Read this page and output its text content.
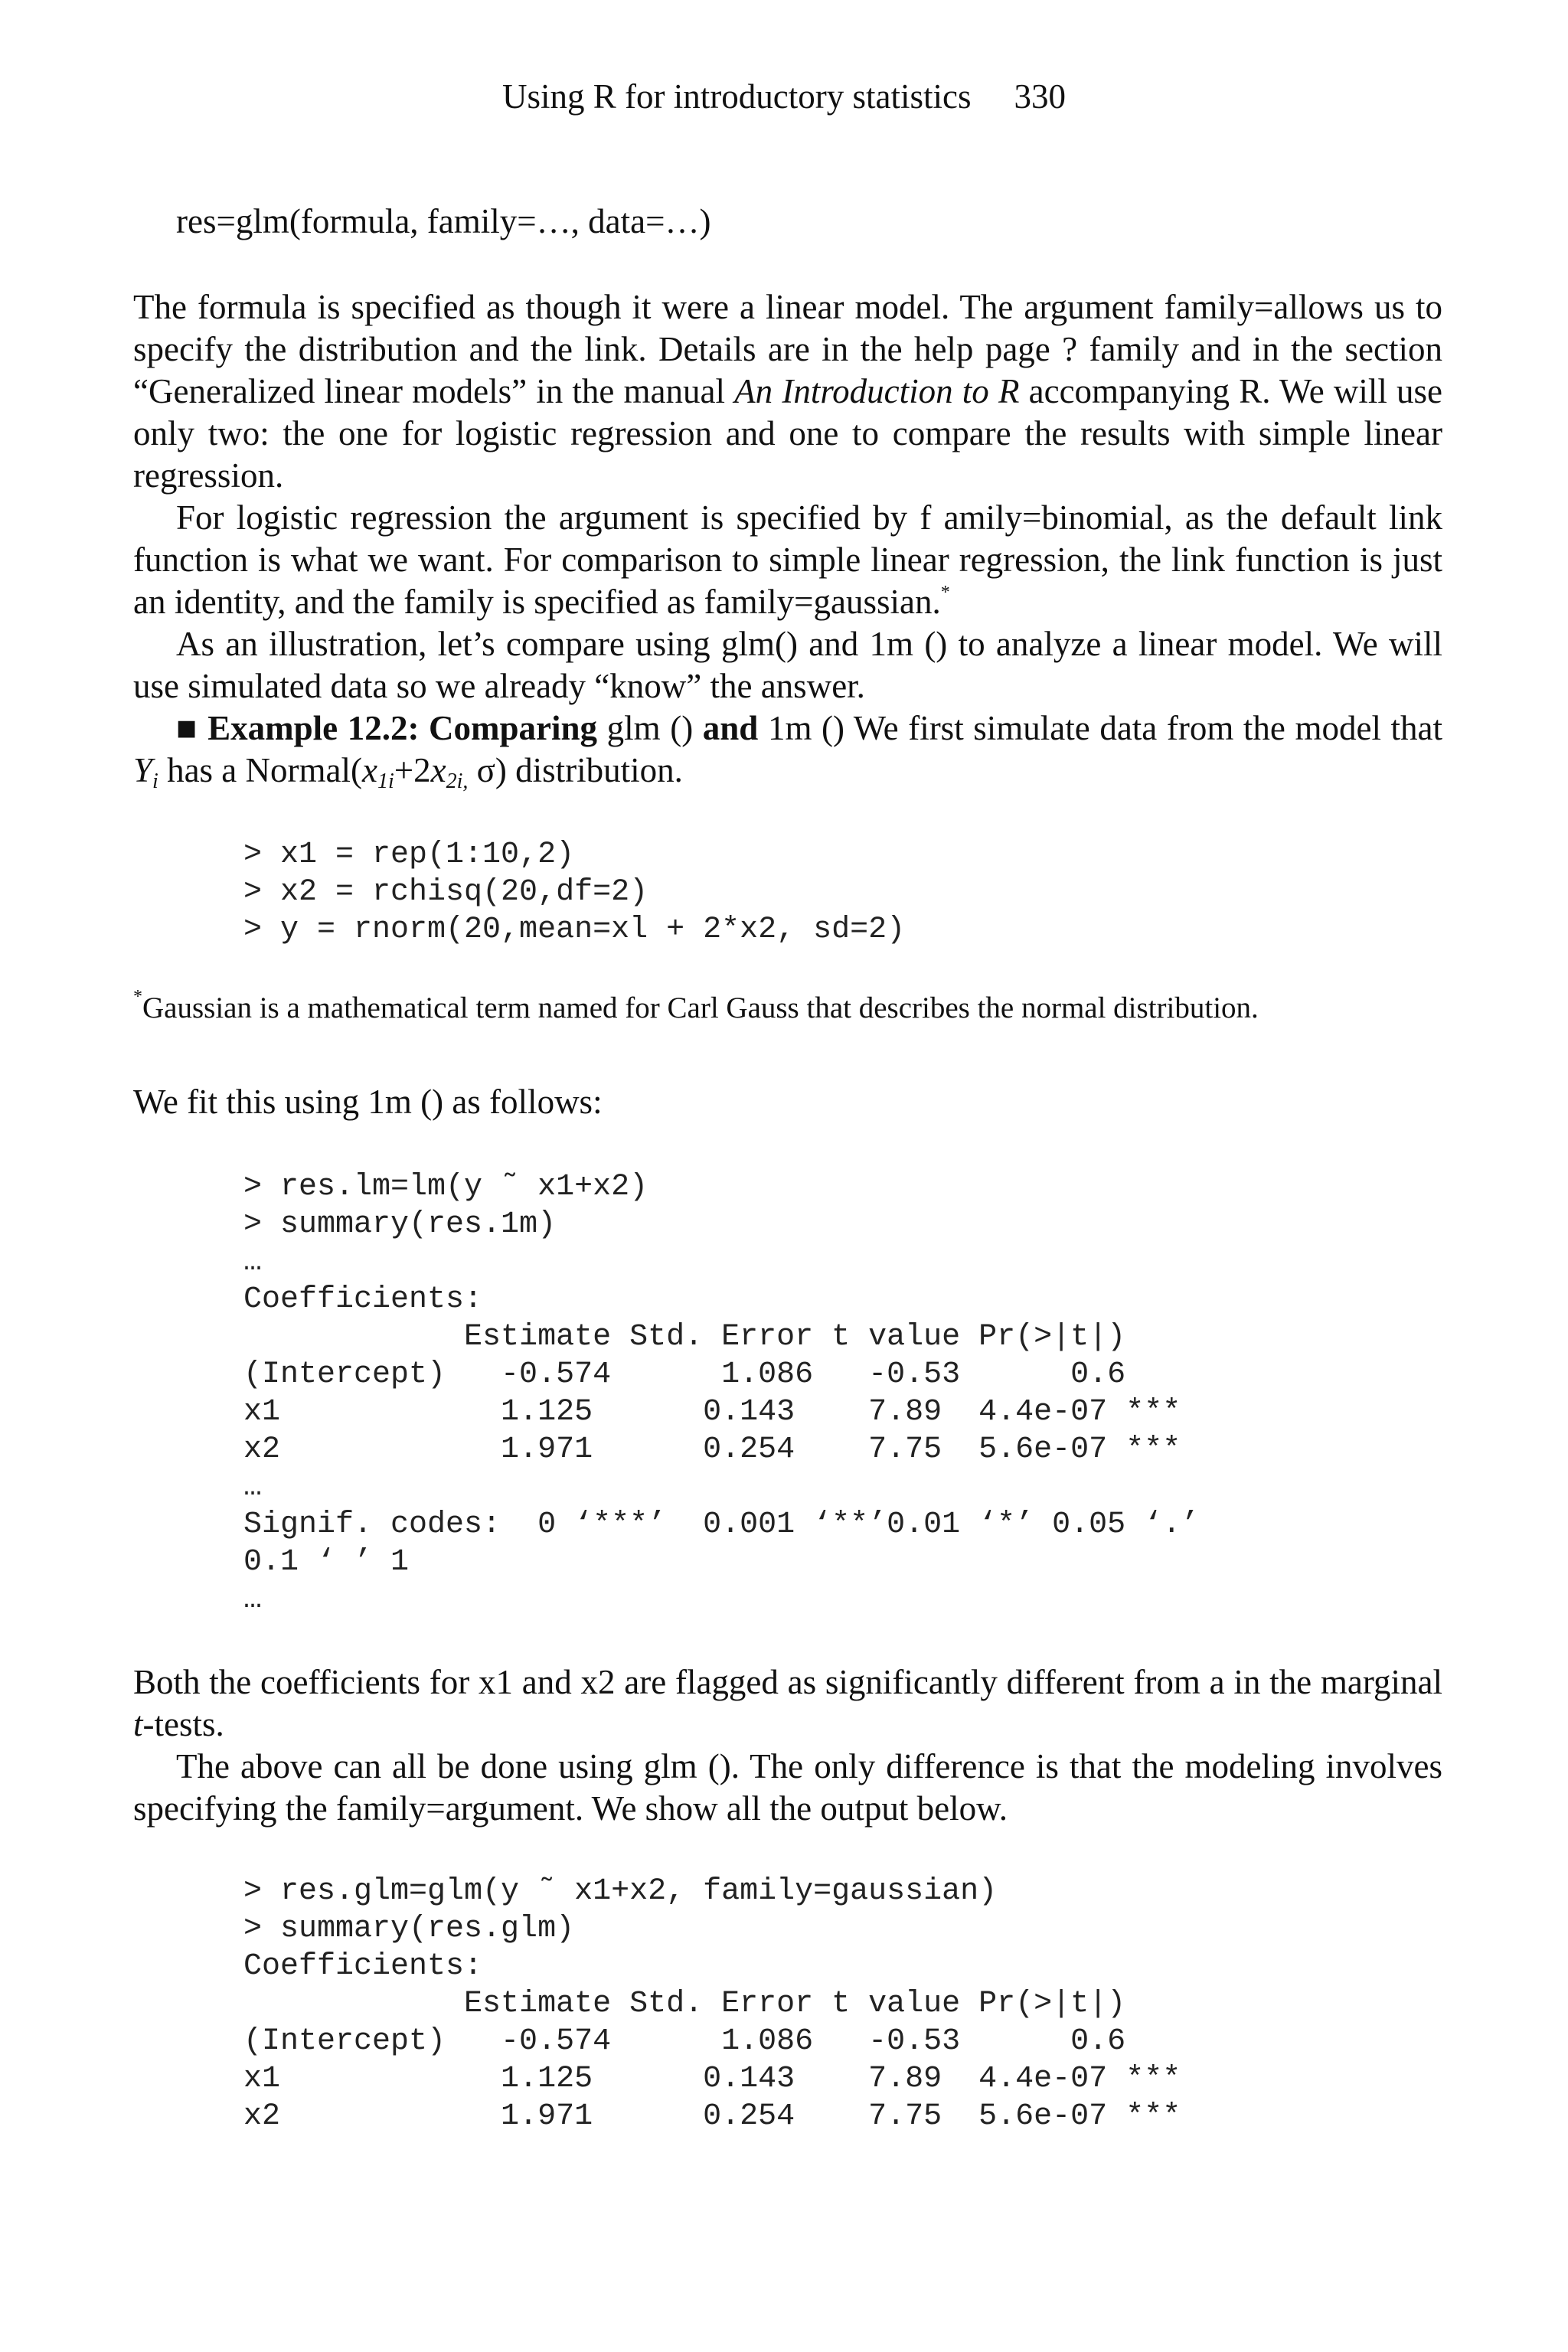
Using R for introductory statistics 330
res=glm(formula, family=…, data=…)

The formula is specified as though it were a linear model. The argument family=allows us to specify the distribution and the link. Details are in the help page ? family and in the section “Generalized linear models” in the manual An Introduction to R accompanying R. We will use only two: the one for logistic regression and one to compare the results with simple linear regression.

For logistic regression the argument is specified by f amily=binomial, as the default link function is what we want. For comparison to simple linear regression, the link function is just an identity, and the family is specified as family=gaussian.*

As an illustration, let’s compare using glm() and 1m () to analyze a linear model. We will use simulated data so we already “know” the answer.

■ Example 12.2: Comparing glm () and 1m () We first simulate data from the model that $Y_i$ has a $Normal(x_{1i}+2x_{2i,}$ σ) distribution.

> x1 = rep(1:10,2)
> x2 = rchisq(20,df=2)
> y = rnorm(20,mean=xl + 2*x2, sd=2)
*Gaussian is a mathematical term named for Carl Gauss that describes the normal distribution.
We fit this using 1m () as follows:
> res.lm=lm(y ˜ x1+x2)
> summary(res.1m)
…
Coefficients:
Estimate Std. Error t value Pr(>|t|)
(Intercept)   -0.574      1.086   -0.53      0.6
x1            1.125      0.143    7.89  4.4e-07 ***
x2            1.971      0.254    7.75  5.6e-07 ***
…
Signif. codes:  0 ‘***’  0.001 ‘**’0.01 ‘*’ 0.05 ‘.’
0.1 ‘ ’ 1
…

Both the coefficients for x1 and x2 are flagged as significantly different from a in the marginal t-tests.

The above can all be done using glm (). The only difference is that the modeling involves specifying the family=argument. We show all the output below.

> res.glm=glm(y ˜ x1+x2, family=gaussian)
> summary(res.glm)
Coefficients:
Estimate Std. Error t value Pr(>|t|)
(Intercept)   -0.574      1.086   -0.53      0.6
x1            1.125      0.143    7.89  4.4e-07 ***
x2            1.971      0.254    7.75  5.6e-07 ***
